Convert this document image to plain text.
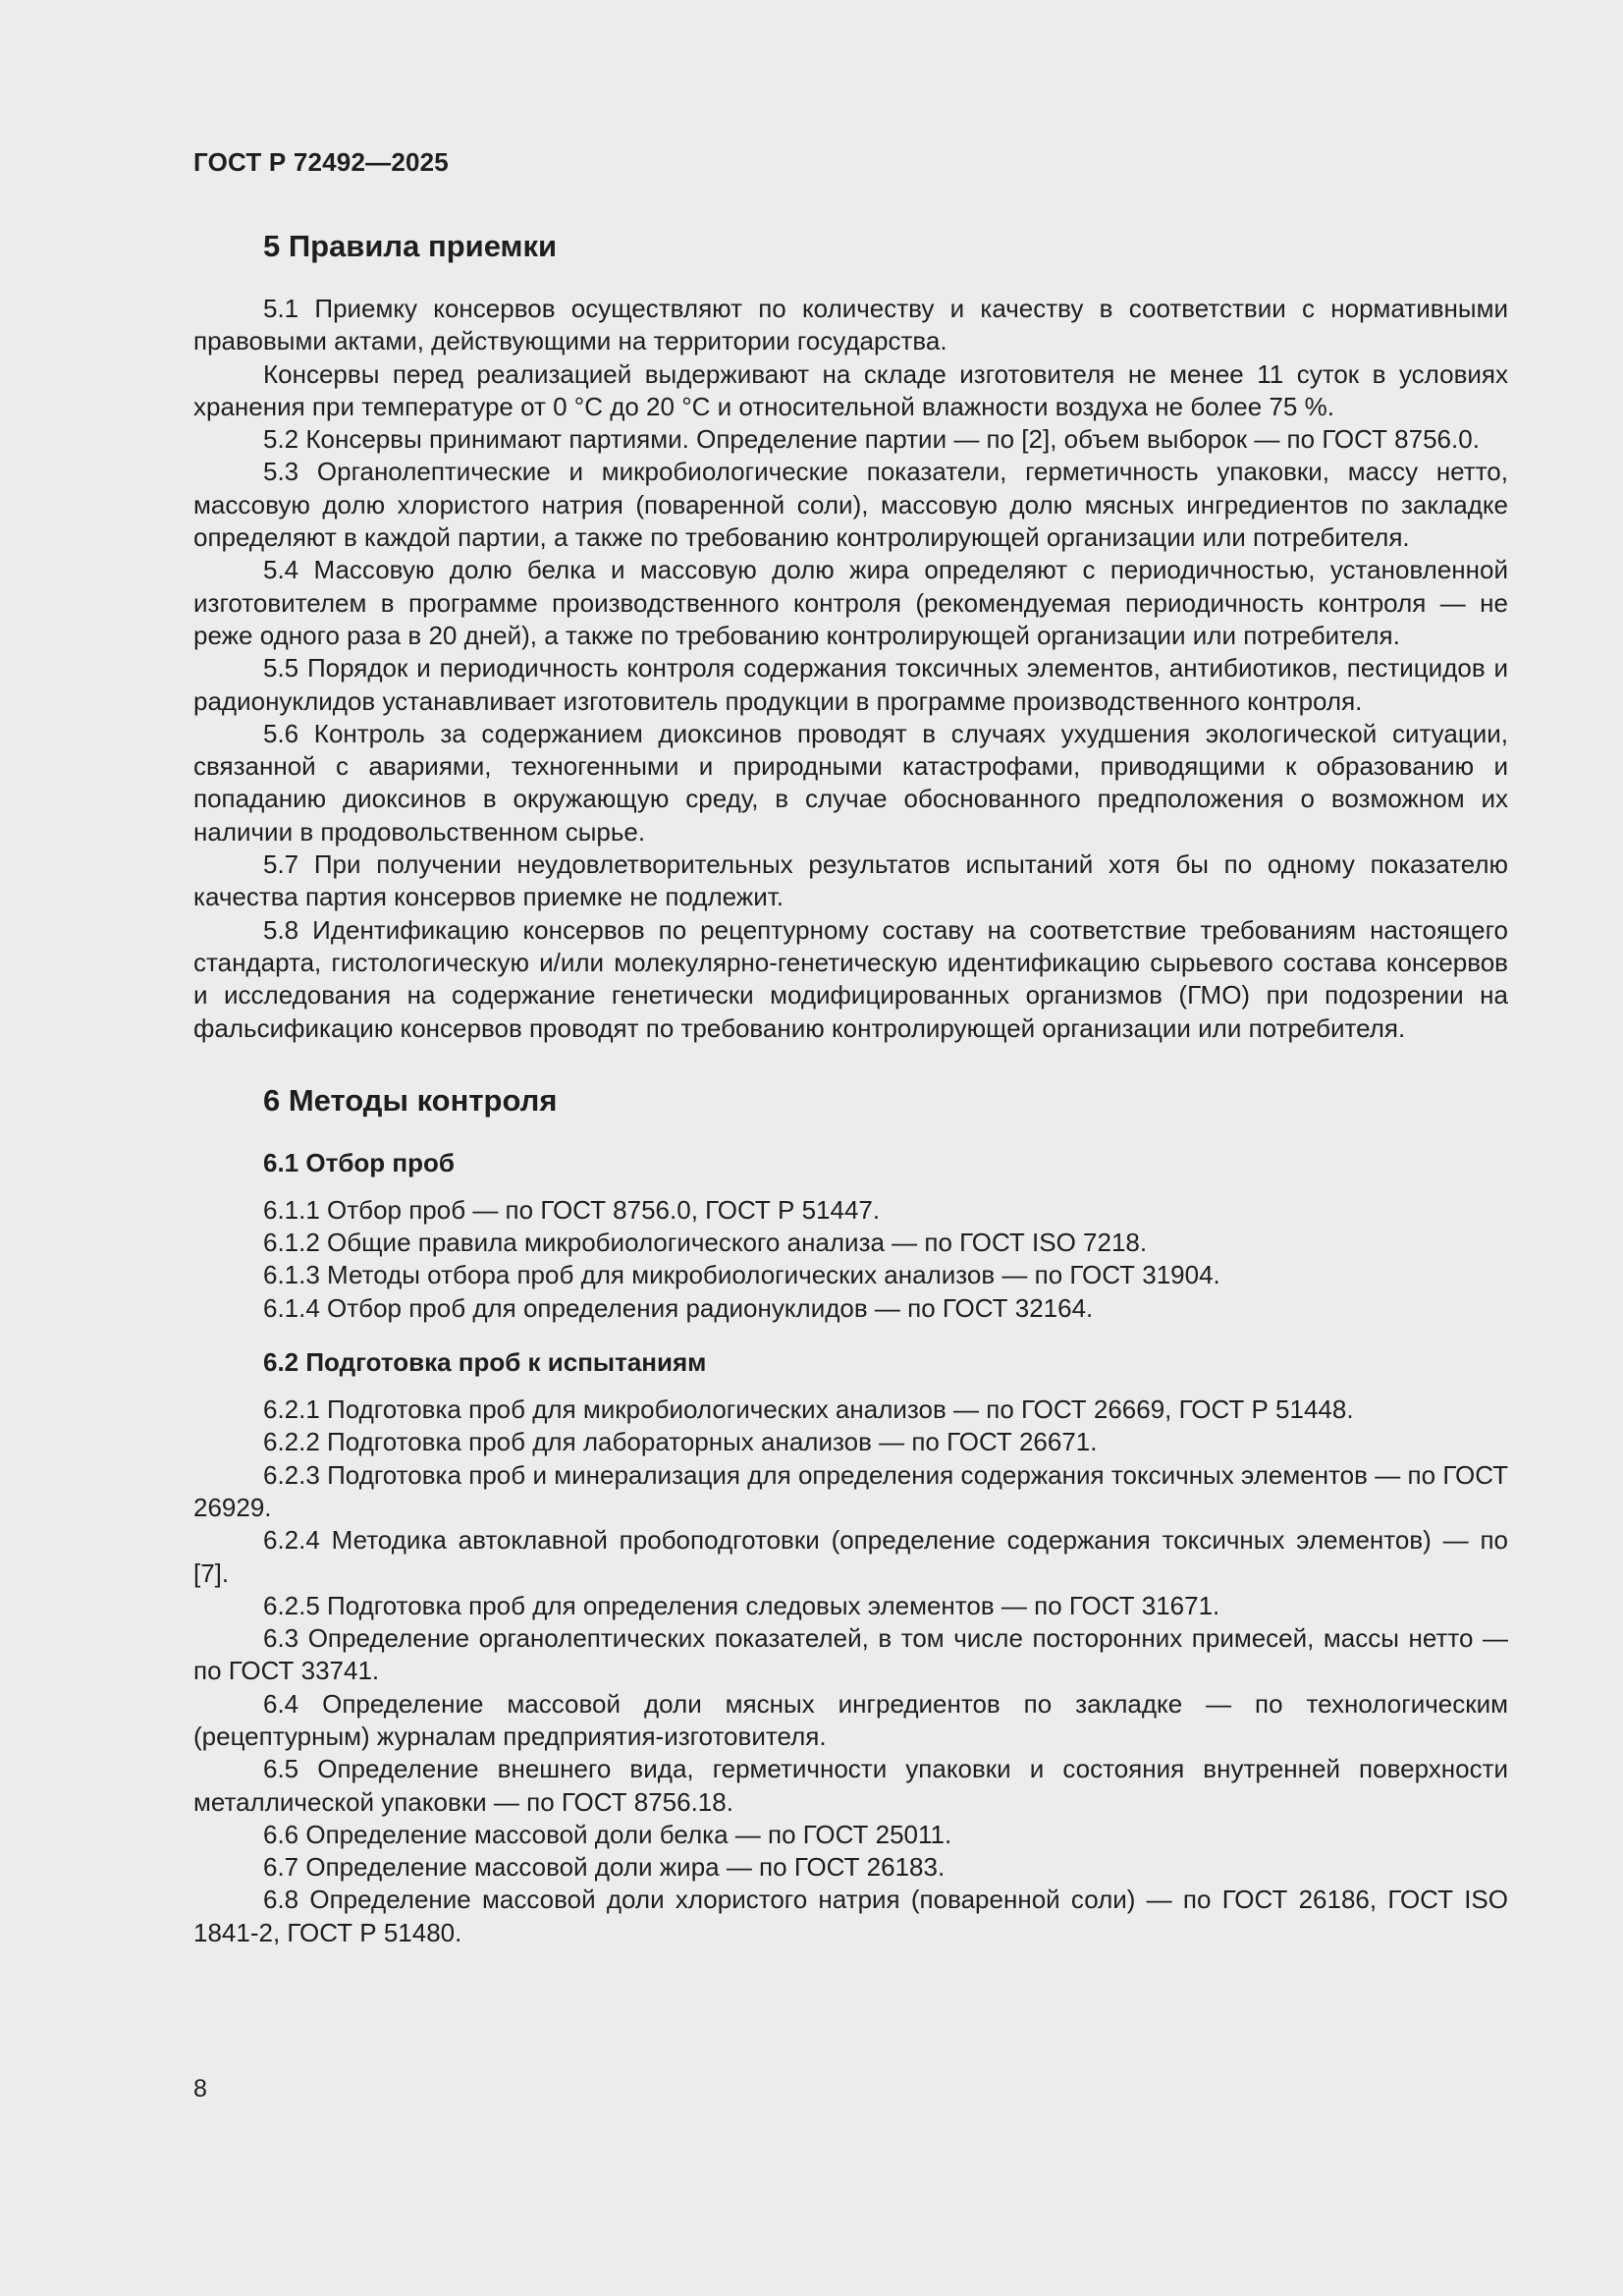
ГОСТ Р 72492—2025
5 Правила приемки

5.1 Приемку консервов осуществляют по количеству и качеству в соответствии с нормативными правовыми актами, действующими на территории государства.

Консервы перед реализацией выдерживают на складе изготовителя не менее 11 суток в условиях хранения при температуре от 0 °С до 20 °С и относительной влажности воздуха не более 75 %.

5.2 Консервы принимают партиями. Определение партии — по [2], объем выборок — по ГОСТ 8756.0.

5.3 Органолептические и микробиологические показатели, герметичность упаковки, массу нетто, массовую долю хлористого натрия (поваренной соли), массовую долю мясных ингредиентов по закладке определяют в каждой партии, а также по требованию контролирующей организации или потребителя.

5.4 Массовую долю белка и массовую долю жира определяют с периодичностью, установленной изготовителем в программе производственного контроля (рекомендуемая периодичность контроля — не реже одного раза в 20 дней), а также по требованию контролирующей организации или потребителя.

5.5 Порядок и периодичность контроля содержания токсичных элементов, антибиотиков, пестицидов и радионуклидов устанавливает изготовитель продукции в программе производственного контроля.

5.6 Контроль за содержанием диоксинов проводят в случаях ухудшения экологической ситуации, связанной с авариями, техногенными и природными катастрофами, приводящими к образованию и попаданию диоксинов в окружающую среду, в случае обоснованного предположения о возможном их наличии в продовольственном сырье.

5.7 При получении неудовлетворительных результатов испытаний хотя бы по одному показателю качества партия консервов приемке не подлежит.

5.8 Идентификацию консервов по рецептурному составу на соответствие требованиям настоящего стандарта, гистологическую и/или молекулярно-генетическую идентификацию сырьевого состава консервов и исследования на содержание генетически модифицированных организмов (ГМО) при подозрении на фальсификацию консервов проводят по требованию контролирующей организации или потребителя.

6 Методы контроля
6.1 Отбор проб

6.1.1 Отбор проб — по ГОСТ 8756.0, ГОСТ Р 51447.

6.1.2 Общие правила микробиологического анализа — по ГОСТ ISO 7218.

6.1.3 Методы отбора проб для микробиологических анализов — по ГОСТ 31904.

6.1.4 Отбор проб для определения радионуклидов — по ГОСТ 32164.

6.2 Подготовка проб к испытаниям

6.2.1 Подготовка проб для микробиологических анализов — по ГОСТ 26669, ГОСТ Р 51448.

6.2.2 Подготовка проб для лабораторных анализов — по ГОСТ 26671.

6.2.3 Подготовка проб и минерализация для определения содержания токсичных элементов — по ГОСТ 26929.

6.2.4 Методика автоклавной пробоподготовки (определение содержания токсичных элементов) — по [7].

6.2.5 Подготовка проб для определения следовых элементов — по ГОСТ 31671.

6.3 Определение органолептических показателей, в том числе посторонних примесей, массы нетто — по ГОСТ 33741.

6.4 Определение массовой доли мясных ингредиентов по закладке — по технологическим (рецептурным) журналам предприятия-изготовителя.

6.5 Определение внешнего вида, герметичности упаковки и состояния внутренней поверхности металлической упаковки — по ГОСТ 8756.18.

6.6 Определение массовой доли белка — по ГОСТ 25011.

6.7 Определение массовой доли жира — по ГОСТ 26183.

6.8 Определение массовой доли хлористого натрия (поваренной соли) — по ГОСТ 26186, ГОСТ ISO 1841-2, ГОСТ Р 51480.

8
